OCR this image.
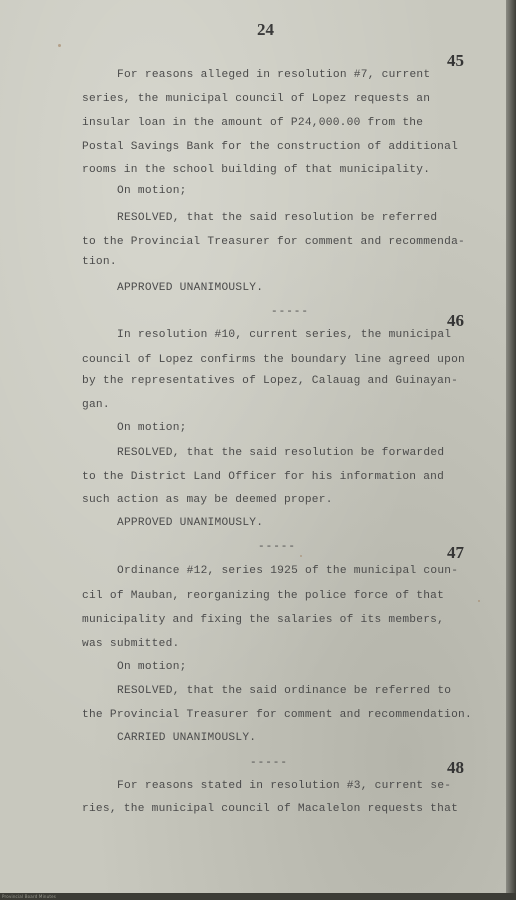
24
45
For reasons alleged in resolution #7, current
series, the municipal council of Lopez requests an
insular loan in the amount of P24,000.00 from the
Postal Savings Bank for the construction of additional
rooms in the school building of that municipality.
On motion;
RESOLVED, that the said resolution be referred
to the Provincial Treasurer for comment and recommenda-
tion.
APPROVED UNANIMOUSLY.
-----	46
In resolution #10, current series, the municipal
council of Lopez confirms the boundary line agreed upon
by the representatives of Lopez, Calauag and Guinayan-
gan.
On motion;
RESOLVED, that the said resolution be forwarded
to the District Land Officer for his information and
such action as may be deemed proper.
APPROVED UNANIMOUSLY.
-----	47
Ordinance #12, series 1925 of the municipal coun-
cil of Mauban, reorganizing the police force of that
municipality and fixing the salaries of its members,
was submitted.
On motion;
RESOLVED, that the said ordinance be referred to
the Provincial Treasurer for comment and recommendation.
CARRIED UNANIMOUSLY.
-----	48
For reasons stated in resolution #3, current se-
ries, the municipal council of Macalelon requests that
Provincial Board Minutes
